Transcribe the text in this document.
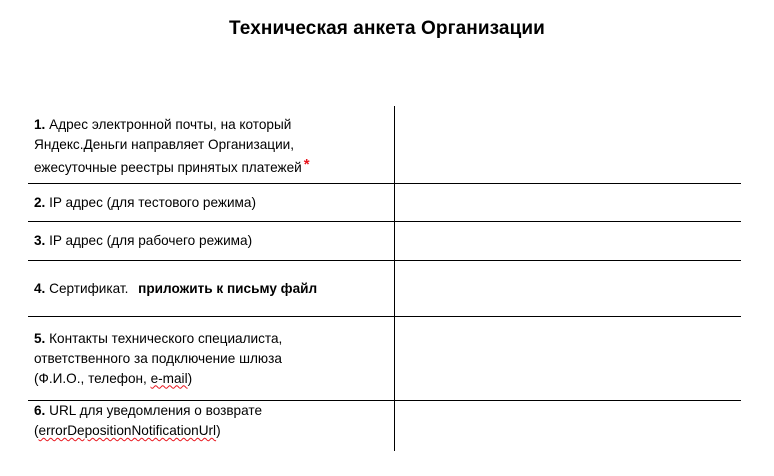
Техническая анкета Организации
1. Адрес электронной почты, на который
Яндекс.Деньги направляет Организации,
ежесуточные реестры принятых платежей *
2. IP адрес (для тестового режима)
3. IP адрес (для рабочего режима)
4. Сертификат. приложить к письму файл
5. Контакты технического специалиста,
ответственного за подключение шлюза
(Ф.И.О., телефон, e-mail)
6. URL для уведомления о возврате
(errorDepositionNotificationUrl)
